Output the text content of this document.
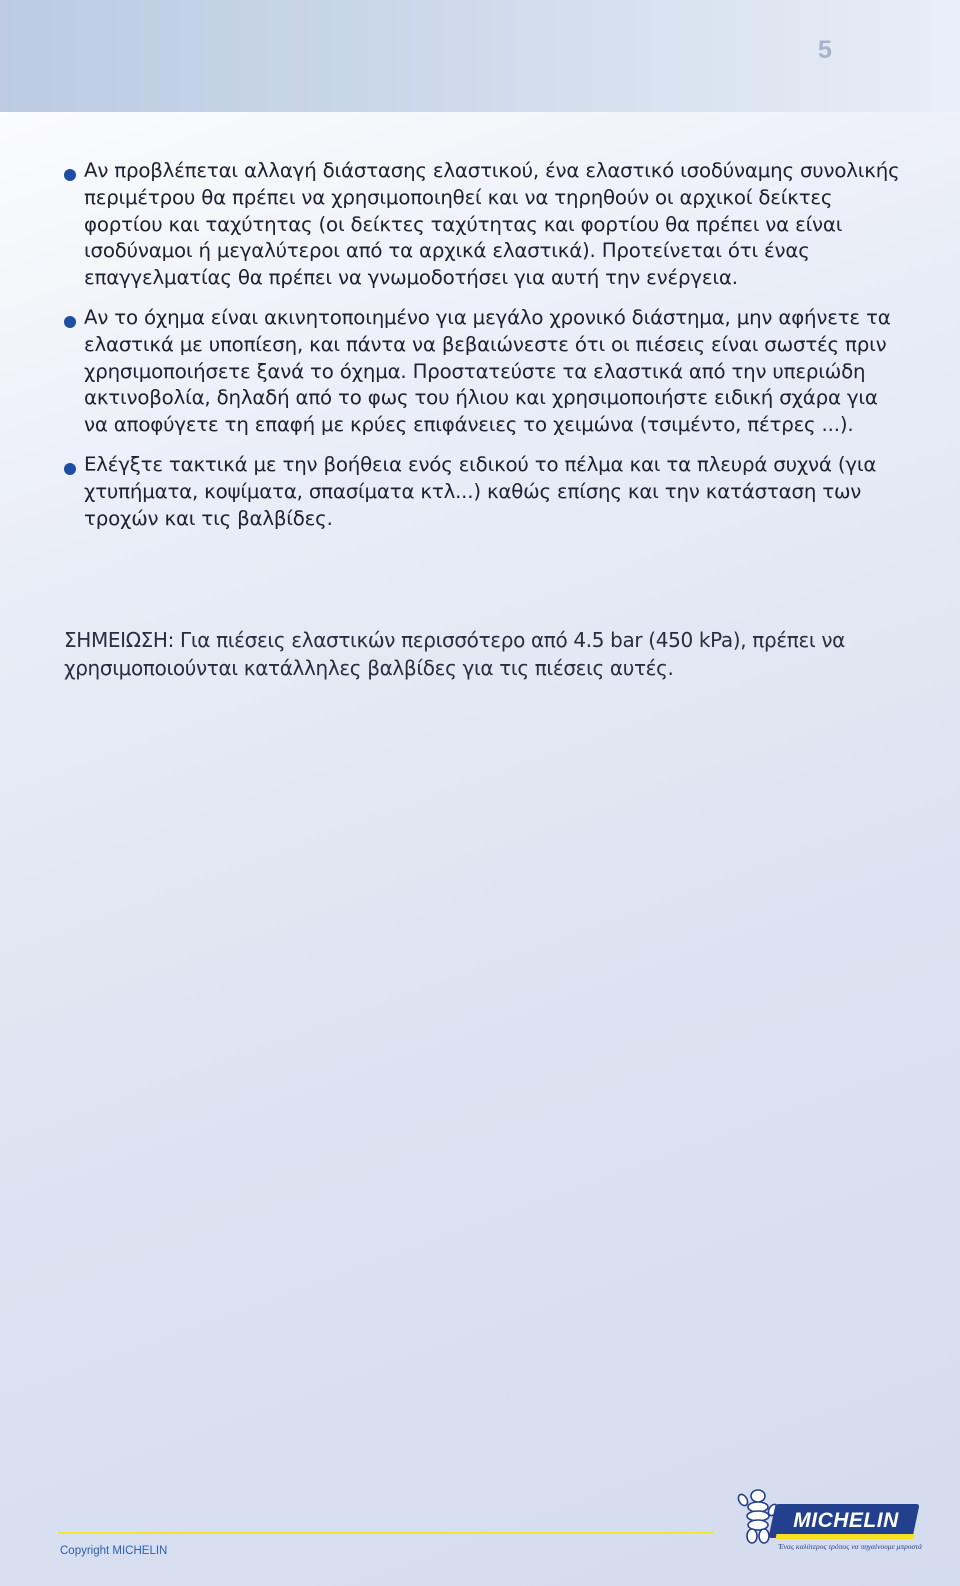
5
Αν προβλέπεται αλλαγή διάστασης ελαστικού, ένα ελαστικό ισοδύναμης συνολικής περιμέτρου θα πρέπει να χρησιμοποιηθεί και να τηρηθούν οι αρχικοί δείκτες φορτίου και ταχύτητας (οι δείκτες ταχύτητας και φορτίου θα πρέπει να είναι ισοδύναμοι ή μεγαλύτεροι από τα αρχικά ελαστικά). Προτείνεται ότι ένας επαγγελματίας θα πρέπει να γνωμοδοτήσει για αυτή την ενέργεια.
Αν το όχημα είναι ακινητοποιημένο για μεγάλο χρονικό διάστημα, μην αφήνετε τα ελαστικά με υποπίεση, και πάντα να βεβαιώνεστε ότι οι πιέσεις είναι σωστές πριν χρησιμοποιήσετε ξανά το όχημα. Προστατεύστε τα ελαστικά από την υπεριώδη ακτινοβολία, δηλαδή από το φως του ήλιου και χρησιμοποιήστε ειδική σχάρα για να αποφύγετε τη επαφή με κρύες επιφάνειες το χειμώνα (τσιμέντο, πέτρες ...).
Ελέγξτε τακτικά με την βοήθεια ενός ειδικού το πέλμα και τα πλευρά συχνά (για χτυπήματα, κοψίματα, σπασίματα κτλ...) καθώς επίσης και την κατάσταση των τροχών και τις βαλβίδες.
ΣΗΜΕΙΩΣΗ: Για πιέσεις ελαστικών περισσότερο από 4.5 bar (450 kPa), πρέπει να χρησιμοποιούνται κατάλληλες βαλβίδες για τις πιέσεις αυτές.
Copyright MICHELIN
MICHELIN
Ένας καλύτερος τρόπος να πηγαίνουμε μπροστά
